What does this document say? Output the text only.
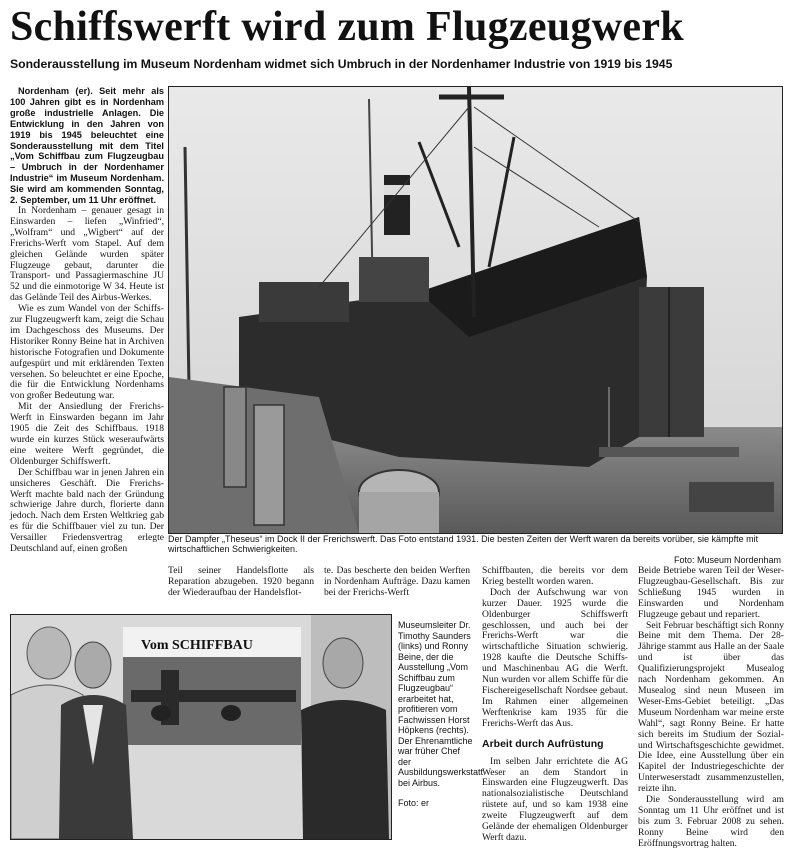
Schiffswerft wird zum Flugzeugwerk
Sonderausstellung im Museum Nordenham widmet sich Umbruch in der Nordenhamer Industrie von 1919 bis 1945

Nordenham (er). Seit mehr als 100 Jahren gibt es in Nordenham große industrielle Anlagen. Die Entwicklung in den Jahren von 1919 bis 1945 beleuchtet eine Sonderausstellung mit dem Titel „Vom Schiffbau zum Flugzeugbau – Umbruch in der Nordenhamer Industrie“ im Museum Nordenham. Sie wird am kommenden Sonntag, 2. September, um 11 Uhr eröffnet.

In Nordenham – genauer gesagt in Einswarden – liefen „Winfried“, „Wolfram“ und „Wigbert“ auf der Frerichs-Werft vom Stapel. Auf dem gleichen Gelände wurden später Flugzeuge gebaut, darunter die Transport- und Passagiermaschine JU 52 und die einmotorige W 34. Heute ist das Gelände Teil des Airbus-Werkes.

Wie es zum Wandel von der Schiffs- zur Flugzeugwerft kam, zeigt die Schau im Dachgeschoss des Museums. Der Historiker Ronny Beine hat in Archiven historische Fotografien und Dokumente aufgespürt und mit erklärenden Texten versehen. So beleuchtet er eine Epoche, die für die Entwicklung Nordenhams von großer Bedeutung war.

Mit der Ansiedlung der Frerichs-Werft in Einswarden begann im Jahr 1905 die Zeit des Schiffbaus. 1918 wurde ein kurzes Stück weseraufwärts eine weitere Werft gegründet, die Oldenburger Schiffswerft.

Der Schiffbau war in jenen Jahren ein unsicheres Geschäft. Die Frerichs-Werft machte bald nach der Gründung schwierige Jahre durch, florierte dann jedoch. Nach dem Ersten Weltkrieg gab es für die Schiffbauer viel zu tun. Der Versailler Friedensvertrag erlegte Deutschland auf, einen großen

Der Dampfer „Theseus“ im Dock II der Frerichswerft. Das Foto entstand 1931. Die besten Zeiten der Werft waren da bereits vorüber, sie kämpfte mit wirtschaftlichen Schwierigkeiten.
Foto: Museum Nordenham

Teil seiner Handelsflotte als Reparation abzugeben. 1920 begann der Wiederaufbau der Handelsflot-

te. Das bescherte den beiden Werften in Nordenham Aufträge. Dazu kamen bei der Frerichs-Werft

Vom SCHIFFBAU
Museumsleiter Dr. Timothy Saunders (links) und Ronny Beine, der die Ausstellung „Vom Schiffbau zum Flugzeugbau“ erarbeitet hat, profitieren vom Fachwissen Horst Höpkens (rechts). Der Ehrenamtliche war früher Chef der Ausbildungswerkstatt bei Airbus.
Foto: er

Schiffbauten, die bereits vor dem Krieg bestellt worden waren.

Doch der Aufschwung war von kurzer Dauer. 1925 wurde die Oldenburger Schiffswerft geschlossen, und auch bei der Frerichs-Werft war die wirtschaftliche Situation schwierig. 1928 kaufte die Deutsche Schiffs- und Maschinenbau AG die Werft. Nun wurden vor allem Schiffe für die Fischereigesellschaft Nordsee gebaut. Im Rahmen einer allgemeinen Werftenkrise kam 1935 für die Frerichs-Werft das Aus.

Arbeit durch Aufrüstung

Im selben Jahr errichtete die AG Weser an dem Standort in Einswarden eine Flugzeugwerft. Das nationalsozialistische Deutschland rüstete auf, und so kam 1938 eine zweite Flugzeugwerft auf dem Gelände der ehemaligen Oldenburger Werft dazu.

Beide Betriebe waren Teil der Weser-Flugzeugbau-Gesellschaft. Bis zur Schließung 1945 wurden in Einswarden und Nordenham Flugzeuge gebaut und repariert.

Seit Februar beschäftigt sich Ronny Beine mit dem Thema. Der 28-Jährige stammt aus Halle an der Saale und ist über das Qualifizierungsprojekt Musealog nach Nordenham gekommen. An Musealog sind neun Museen im Weser-Ems-Gebiet beteiligt. „Das Museum Nordenham war meine erste Wahl“, sagt Ronny Beine. Er hatte sich bereits im Studium der Sozial- und Wirtschaftsgeschichte gewidmet. Die Idee, eine Ausstellung über ein Kapitel der Industriegeschichte der Unterweserstadt zusammenzustellen, reizte ihn.

Die Sonderausstellung wird am Sonntag um 11 Uhr eröffnet und ist bis zum 3. Februar 2008 zu sehen. Ronny Beine wird den Eröffnungsvortrag halten.
